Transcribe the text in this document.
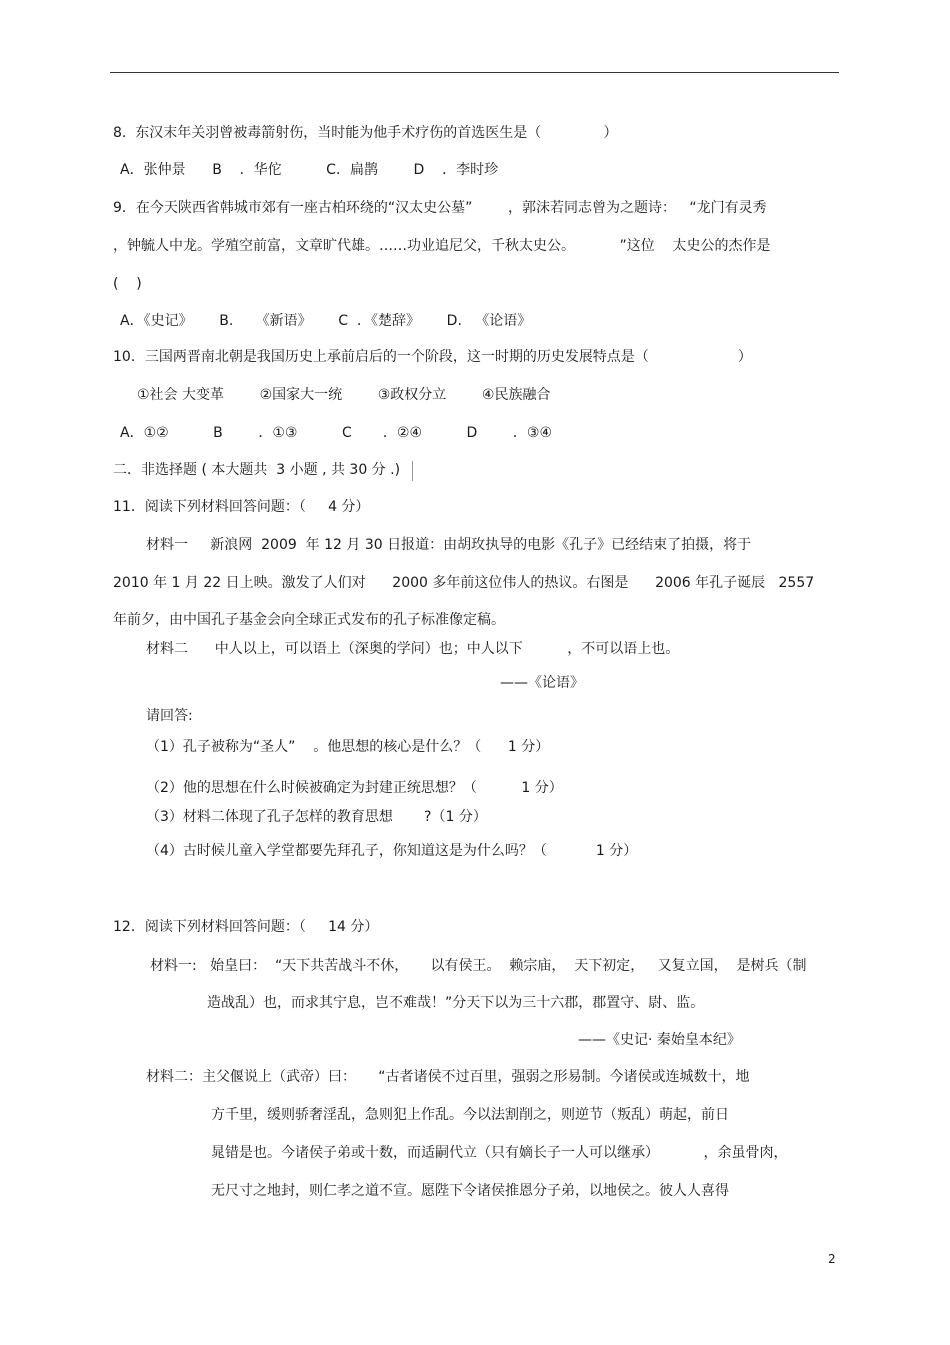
8.  东汉末年关羽曾被毒箭射伤，当时能为他手术疗伤的首选医生是（              ）
A．张仲景      B    ．华佗          C．扁鹊        D    ．李时珍
9．在今天陕西省韩城市郊有一座古柏环绕的“汉太史公墓”        ，郭沫若同志曾为之题诗：   “龙门有灵秀
，钟毓人中龙。学殖空前富，文章旷代雄。……功业追尼父，千秋太史公。          ”这位    太史公的杰作是
(    )
A．《史记》      B.     《新语》      C  ．《楚辞》      D.   《论语》
10．三国两晋南北朝是我国历史上承前启后的一个阶段，这一时期的历史发展特点是（                    ）
①社会 大变革        ②国家大一统        ③政权分立        ④民族融合
A．①②          B        ．①③          C       ．②④          D        ．③④
二．非选择题 ( 本大题共  3 小题 , 共 30 分 .)
11．阅读下列材料回答问题：（     4 分）
材料一     新浪网  2009  年 12 月 30 日报道：由胡玫执导的电影《孔子》已经结束了拍摄，将于
2010 年 1 月 22 日上映。激发了人们对      2000 多年前这位伟人的热议。右图是      2006 年孔子诞辰   2557
年前夕，由中国孔子基金会向全球正式发布的孔子标准像定稿。
材料二      中人以上，可以语上（深奥的学问）也；中人以下          ，不可以语上也。
——《论语》
请回答:
（1）孔子被称为“圣人”    。他思想的核心是什么？（      1 分）
（2）他的思想在什么时候被确定为封建正统思想？（          1 分）
（3）材料二体现了孔子怎样的教育思想       ?（1 分）
（4）古时候儿童入学堂都要先拜孔子，你知道这是为什么吗？（           1 分）
12．阅读下列材料回答问题：（     14 分）
材料一:   始皇曰：  “天下共苦战斗不休，     以有侯王。  赖宗庙，  天下初定，   又复立国，  是树兵（制
造战乱）也，而求其宁息，岂不难哉！”分天下以为三十六郡，郡置守、尉、监。
——《史记· 秦始皇本纪》
材料二：主父偃说上（武帝）曰：     “古者诸侯不过百里，强弱之形易制。今诸侯或连城数十，地
方千里，缓则骄奢淫乱，急则犯上作乱。今以法割削之，则逆节（叛乱）萌起，前日
晁错是也。今诸侯子弟或十数，而适嗣代立（只有嫡长子一人可以继承）          ，余虽骨肉，
无尺寸之地封，则仁孝之道不宣。愿陛下令诸侯推恩分子弟，以地侯之。彼人人喜得
2
